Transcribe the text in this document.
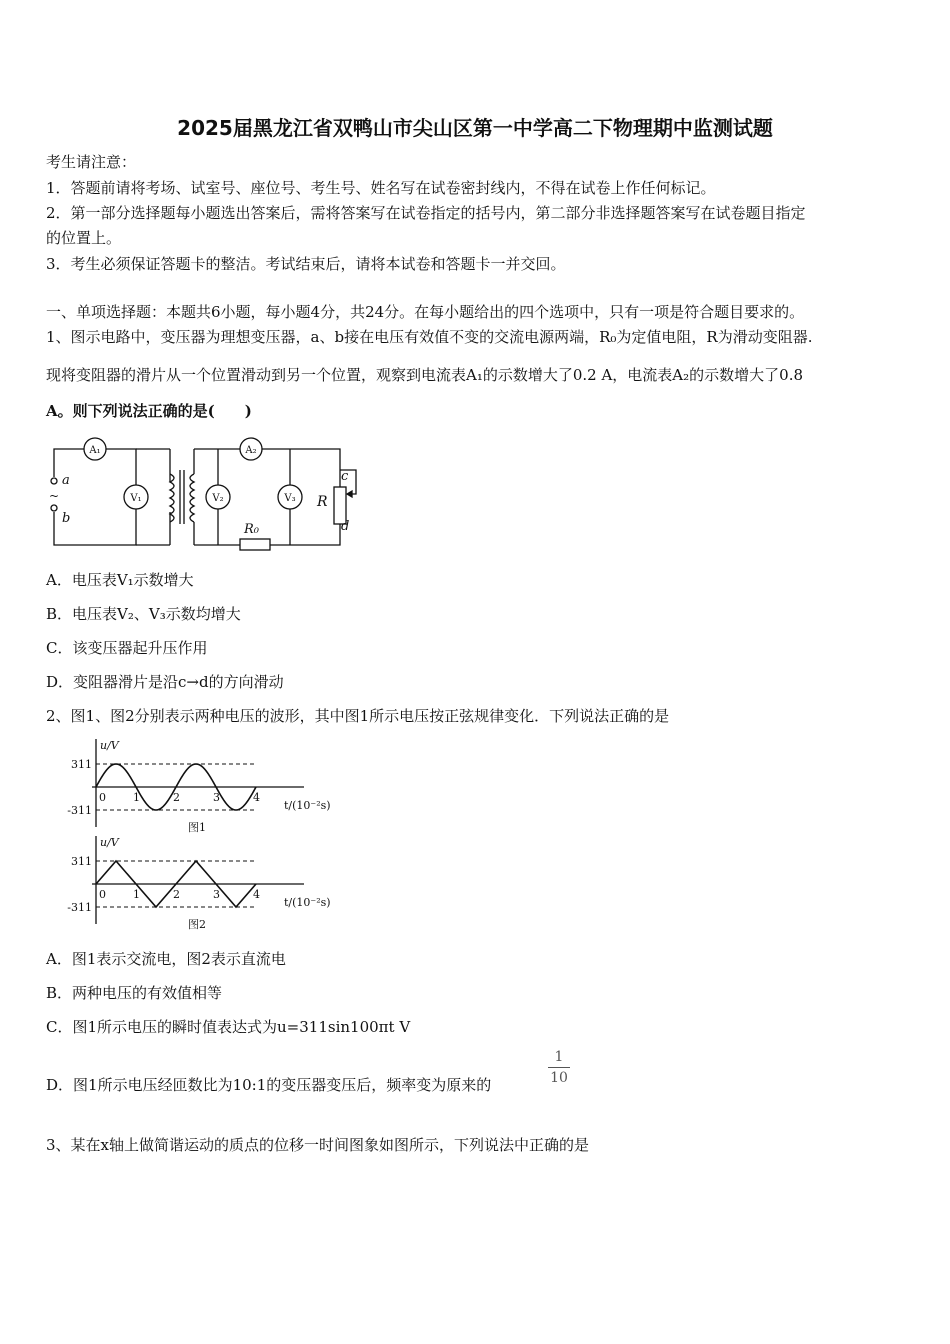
2025届黑龙江省双鸭山市尖山区第一中学高二下物理期中监测试题
考生请注意：
1．答题前请将考场、试室号、座位号、考生号、姓名写在试卷密封线内，不得在试卷上作任何标记。
2．第一部分选择题每小题选出答案后，需将答案写在试卷指定的括号内，第二部分非选择题答案写在试卷题目指定
的位置上。
3．考生必须保证答题卡的整洁。考试结束后，请将本试卷和答题卡一并交回。
一、单项选择题：本题共6小题，每小题4分，共24分。在每小题给出的四个选项中，只有一项是符合题目要求的。
1、图示电路中，变压器为理想变压器，a、b接在电压有效值不变的交流电源两端，R₀为定值电阻，R为滑动变阻器.
现将变阻器的滑片从一个位置滑动到另一个位置，观察到电流表A₁的示数增大了0.2 A，电流表A₂的示数增大了0.8
A。则下列说法正确的是(　　)
a
b
~
A₁	A₂
V₁	V₂	V₃ R
R₀
c
d
A．电压表V₁示数增大
B．电压表V₂、V₃示数均增大
C．该变压器起升压作用
D．变阻器滑片是沿c→d的方向滑动
2、图1、图2分别表示两种电压的波形，其中图1所示电压按正弦规律变化．下列说法正确的是
311
-311
0 1	2	3	4
u/V
t/(10⁻²s)
图1
311
-311
0 1	2	3	4
u/V
t/(10⁻²s)
图2
A．图1表示交流电，图2表示直流电
B．两种电压的有效值相等
C．图1所示电压的瞬时值表达式为u=311sin100πt V
D．图1所示电压经匝数比为10:1的变压器变压后，频率变为原来的
1
10
3、某在x轴上做简谐运动的质点的位移一时间图象如图所示，下列说法中正确的是
